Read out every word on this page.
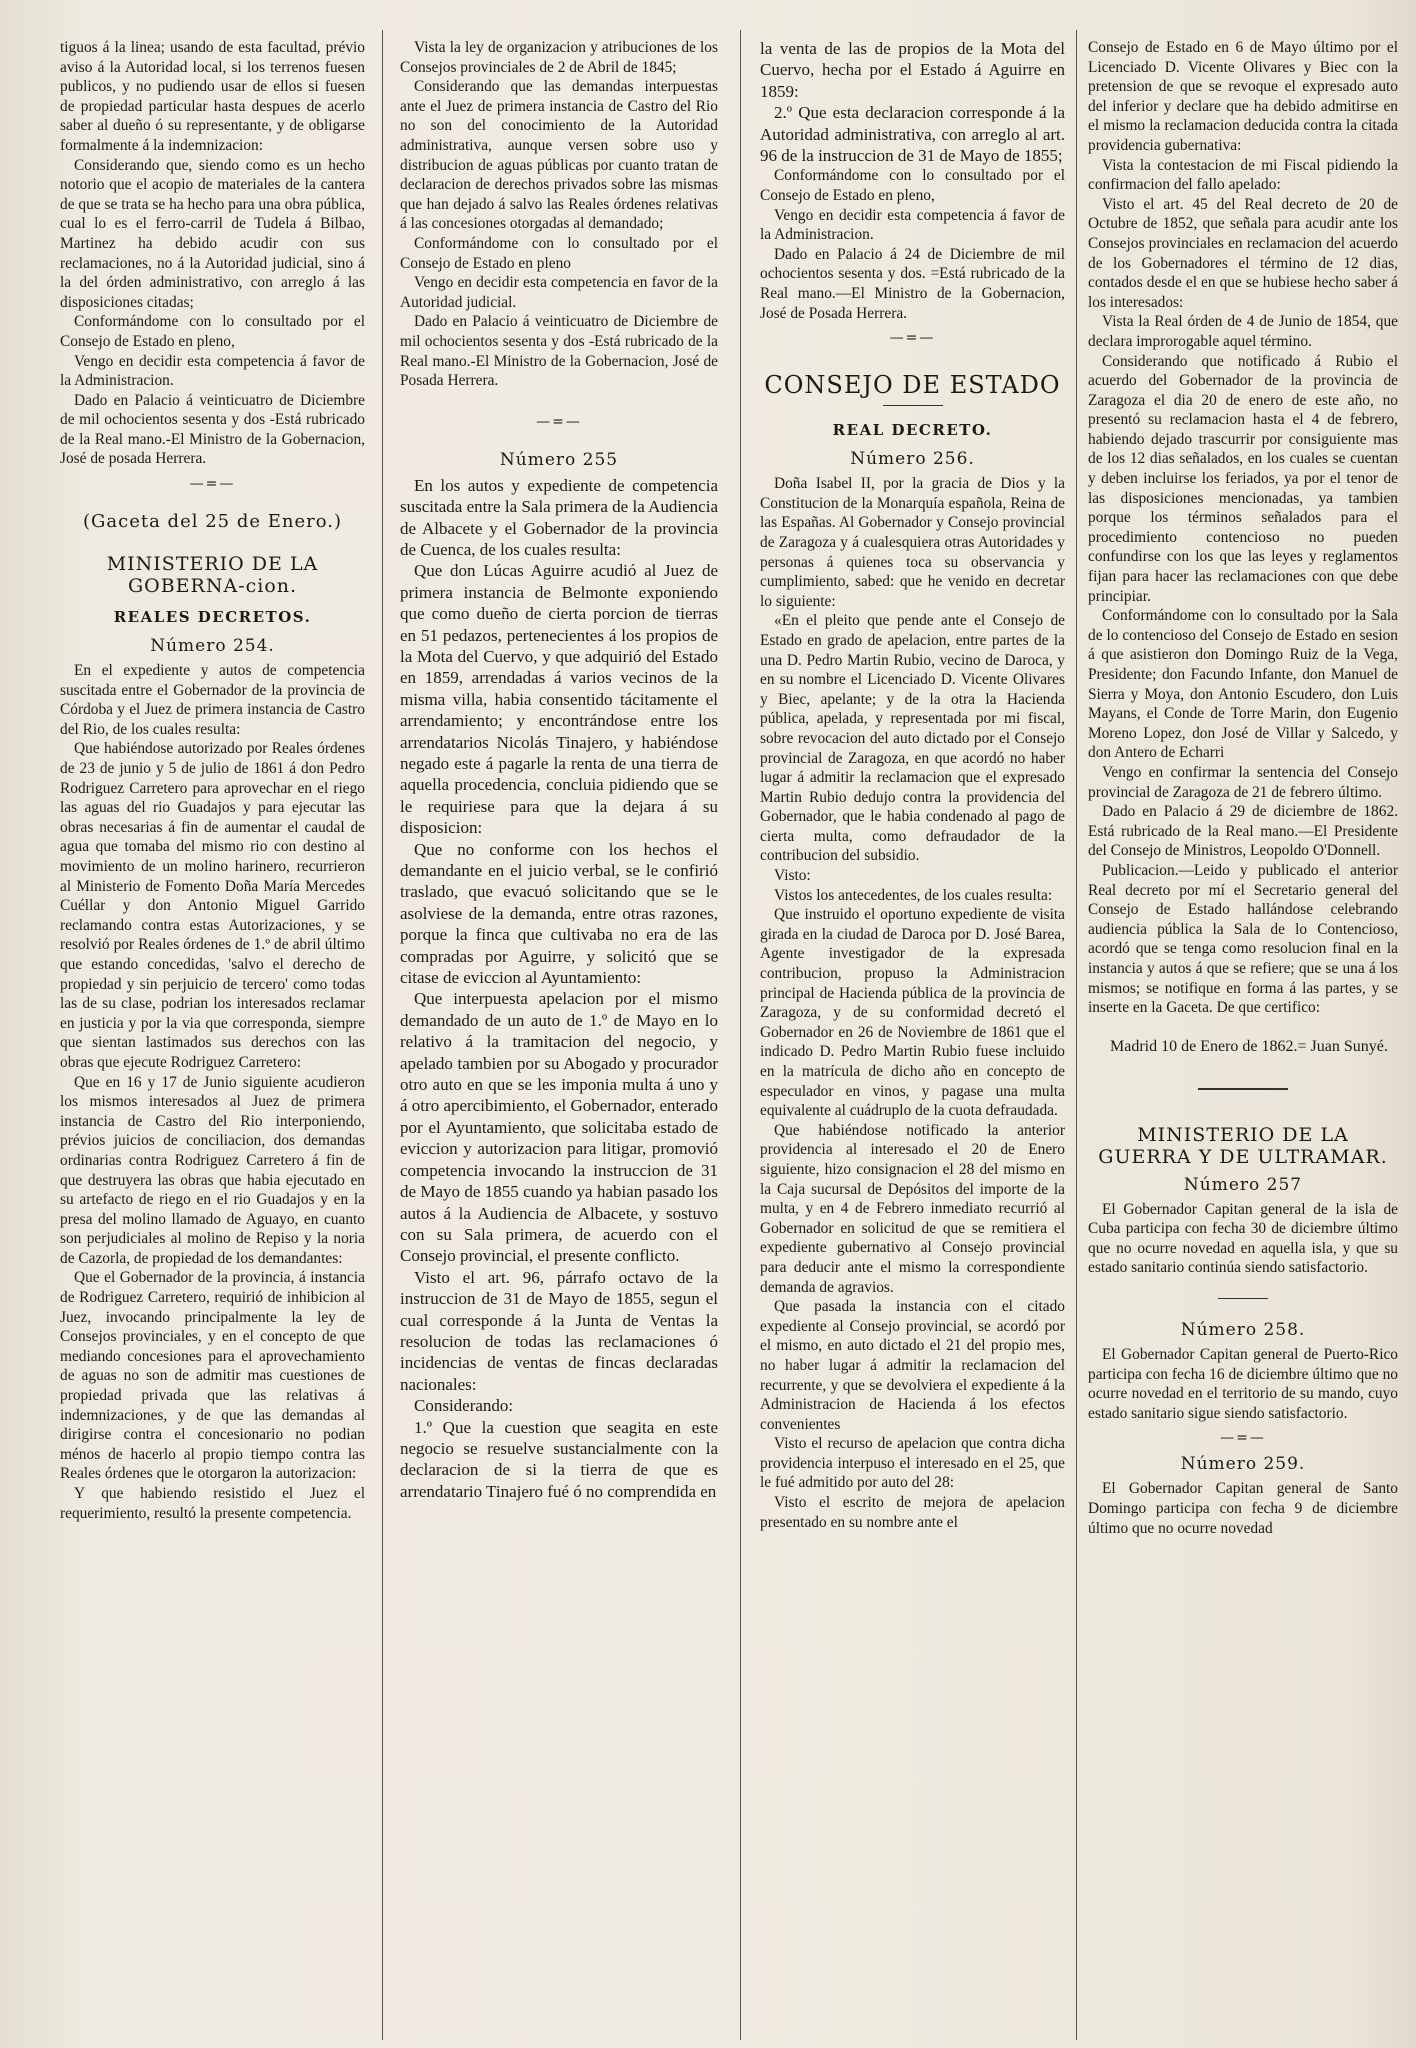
tiguos á la linea; usando de esta facultad, prévio aviso á la Autoridad local, si los terrenos fuesen publicos, y no pudiendo usar de ellos si fuesen de propiedad particular hasta despues de acerlo saber al dueño ó su representante, y de obligarse formalmente á la indemnizacion:

Considerando que, siendo como es un hecho notorio que el acopio de materiales de la cantera de que se trata se ha hecho para una obra pública, cual lo es el ferro-carril de Tudela á Bilbao, Martinez ha debido acudir con sus reclamaciones, no á la Autoridad judicial, sino á la del órden administrativo, con arreglo á las disposiciones citadas;

Conformándome con lo consultado por el Consejo de Estado en pleno,

Vengo en decidir esta competencia á favor de la Administracion.

Dado en Palacio á veinticuatro de Diciembre de mil ochocientos sesenta y dos -Está rubricado de la Real mano.-El Ministro de la Gobernacion, José de posada Herrera.

—=—
(Gaceta del 25 de Enero.)
MINISTERIO DE LA GOBERNA-cion.
REALES DECRETOS.
Número 254.

En el expediente y autos de competencia suscitada entre el Gobernador de la provincia de Córdoba y el Juez de primera instancia de Castro del Rio, de los cuales resulta:

Que habiéndose autorizado por Reales órdenes de 23 de junio y 5 de julio de 1861 á don Pedro Rodriguez Carretero para aprovechar en el riego las aguas del rio Guadajos y para ejecutar las obras necesarias á fin de aumentar el caudal de agua que tomaba del mismo rio con destino al movimiento de un molino harinero, recurrieron al Ministerio de Fomento Doña María Mercedes Cuéllar y don Antonio Miguel Garrido reclamando contra estas Autorizaciones, y se resolvió por Reales órdenes de 1.º de abril último que estando concedidas, 'salvo el derecho de propiedad y sin perjuicio de tercero' como todas las de su clase, podrian los interesados reclamar en justicia y por la via que corresponda, siempre que sientan lastimados sus derechos con las obras que ejecute Rodriguez Carretero:

Que en 16 y 17 de Junio siguiente acudieron los mismos interesados al Juez de primera instancia de Castro del Rio interponiendo, prévios juicios de conciliacion, dos demandas ordinarias contra Rodriguez Carretero á fin de que destruyera las obras que habia ejecutado en su artefacto de riego en el rio Guadajos y en la presa del molino llamado de Aguayo, en cuanto son perjudiciales al molino de Repiso y la noria de Cazorla, de propiedad de los demandantes:

Que el Gobernador de la provincia, á instancia de Rodriguez Carretero, requirió de inhibicion al Juez, invocando principalmente la ley de Consejos provinciales, y en el concepto de que mediando concesiones para el aprovechamiento de aguas no son de admitir mas cuestiones de propiedad privada que las relativas á indemnizaciones, y de que las demandas al dirigirse contra el concesionario no podian ménos de hacerlo al propio tiempo contra las Reales órdenes que le otorgaron la autorizacion:

Y que habiendo resistido el Juez el requerimiento, resultó la presente competencia.

Vista la ley de organizacion y atribuciones de los Consejos provinciales de 2 de Abril de 1845;

Considerando que las demandas interpuestas ante el Juez de primera instancia de Castro del Rio no son del conocimiento de la Autoridad administrativa, aunque versen sobre uso y distribucion de aguas públicas por cuanto tratan de declaracion de derechos privados sobre las mismas que han dejado á salvo las Reales órdenes relativas á las concesiones otorgadas al demandado;

Conformándome con lo consultado por el Consejo de Estado en pleno

Vengo en decidir esta competencia en favor de la Autoridad judicial.

Dado en Palacio á veinticuatro de Diciembre de mil ochocientos sesenta y dos -Está rubricado de la Real mano.-El Ministro de la Gobernacion, José de Posada Herrera.

—=—
Número 255

En los autos y expediente de competencia suscitada entre la Sala primera de la Audiencia de Albacete y el Gobernador de la provincia de Cuenca, de los cuales resulta:

Que don Lúcas Aguirre acudió al Juez de primera instancia de Belmonte exponiendo que como dueño de cierta porcion de tierras en 51 pedazos, pertenecientes á los propios de la Mota del Cuervo, y que adquirió del Estado en 1859, arrendadas á varios vecinos de la misma villa, habia consentido tácitamente el arrendamiento; y encontrándose entre los arrendatarios Nicolás Tinajero, y habiéndose negado este á pagarle la renta de una tierra de aquella procedencia, concluia pidiendo que se le requiriese para que la dejara á su disposicion:

Que no conforme con los hechos el demandante en el juicio verbal, se le confirió traslado, que evacuó solicitando que se le asolviese de la demanda, entre otras razones, porque la finca que cultivaba no era de las compradas por Aguirre, y solicitó que se citase de eviccion al Ayuntamiento:

Que interpuesta apelacion por el mismo demandado de un auto de 1.º de Mayo en lo relativo á la tramitacion del negocio, y apelado tambien por su Abogado y procurador otro auto en que se les imponia multa á uno y á otro apercibimiento, el Gobernador, enterado por el Ayuntamiento, que solicitaba estado de eviccion y autorizacion para litigar, promovió competencia invocando la instruccion de 31 de Mayo de 1855 cuando ya habian pasado los autos á la Audiencia de Albacete, y sostuvo con su Sala primera, de acuerdo con el Consejo provincial, el presente conflicto.

Visto el art. 96, párrafo octavo de la instruccion de 31 de Mayo de 1855, segun el cual corresponde á la Junta de Ventas la resolucion de todas las reclamaciones ó incidencias de ventas de fincas declaradas nacionales:

Considerando:

1.º Que la cuestion que seagita en este negocio se resuelve sustancialmente con la declaracion de si la tierra de que es arrendatario Tinajero fué ó no comprendida en

la venta de las de propios de la Mota del Cuervo, hecha por el Estado á Aguirre en 1859:

2.º Que esta declaracion corresponde á la Autoridad administrativa, con arreglo al art. 96 de la instruccion de 31 de Mayo de 1855;

Conformándome con lo consultado por el Consejo de Estado en pleno,

Vengo en decidir esta competencia á favor de la Administracion.

Dado en Palacio á 24 de Diciembre de mil ochocientos sesenta y dos. =Está rubricado de la Real mano.—El Ministro de la Gobernacion, José de Posada Herrera.

—=—
CONSEJO DE ESTADO
REAL DECRETO.
Número 256.

Doña Isabel II, por la gracia de Dios y la Constitucion de la Monarquía española, Reina de las Españas. Al Gobernador y Consejo provincial de Zaragoza y á cualesquiera otras Autoridades y personas á quienes toca su observancia y cumplimiento, sabed: que he venido en decretar lo siguiente:

«En el pleito que pende ante el Consejo de Estado en grado de apelacion, entre partes de la una D. Pedro Martin Rubio, vecino de Daroca, y en su nombre el Licenciado D. Vicente Olivares y Biec, apelante; y de la otra la Hacienda pública, apelada, y representada por mi fiscal, sobre revocacion del auto dictado por el Consejo provincial de Zaragoza, en que acordó no haber lugar á admitir la reclamacion que el expresado Martin Rubio dedujo contra la providencia del Gobernador, que le habia condenado al pago de cierta multa, como defraudador de la contribucion del subsidio.

Visto:

Vistos los antecedentes, de los cuales resulta:

Que instruido el oportuno expediente de visita girada en la ciudad de Daroca por D. José Barea, Agente investigador de la expresada contribucion, propuso la Administracion principal de Hacienda pública de la provincia de Zaragoza, y de su conformidad decretó el Gobernador en 26 de Noviembre de 1861 que el indicado D. Pedro Martin Rubio fuese incluido en la matrícula de dicho año en concepto de especulador en vinos, y pagase una multa equivalente al cuádruplo de la cuota defraudada.

Que habiéndose notificado la anterior providencia al interesado el 20 de Enero siguiente, hizo consignacion el 28 del mismo en la Caja sucursal de Depósitos del importe de la multa, y en 4 de Febrero inmediato recurrió al Gobernador en solicitud de que se remitiera el expediente gubernativo al Consejo provincial para deducir ante el mismo la correspondiente demanda de agravios.

Que pasada la instancia con el citado expediente al Consejo provincial, se acordó por el mismo, en auto dictado el 21 del propio mes, no haber lugar á admitir la reclamacion del recurrente, y que se devolviera el expediente á la Administracion de Hacienda á los efectos convenientes

Visto el recurso de apelacion que contra dicha providencia interpuso el interesado en el 25, que le fué admitido por auto del 28:

Visto el escrito de mejora de apelacion presentado en su nombre ante el

Consejo de Estado en 6 de Mayo último por el Licenciado D. Vicente Olivares y Biec con la pretension de que se revoque el expresado auto del inferior y declare que ha debido admitirse en el mismo la reclamacion deducida contra la citada providencia gubernativa:

Vista la contestacion de mi Fiscal pidiendo la confirmacion del fallo apelado:

Visto el art. 45 del Real decreto de 20 de Octubre de 1852, que señala para acudir ante los Consejos provinciales en reclamacion del acuerdo de los Gobernadores el término de 12 dias, contados desde el en que se hubiese hecho saber á los interesados:

Vista la Real órden de 4 de Junio de 1854, que declara improrogable aquel término.

Considerando que notificado á Rubio el acuerdo del Gobernador de la provincia de Zaragoza el dia 20 de enero de este año, no presentó su reclamacion hasta el 4 de febrero, habiendo dejado trascurrir por consiguiente mas de los 12 dias señalados, en los cuales se cuentan y deben incluirse los feriados, ya por el tenor de las disposiciones mencionadas, ya tambien porque los términos señalados para el procedimiento contencioso no pueden confundirse con los que las leyes y reglamentos fijan para hacer las reclamaciones con que debe principiar.

Conformándome con lo consultado por la Sala de lo contencioso del Consejo de Estado en sesion á que asistieron don Domingo Ruiz de la Vega, Presidente; don Facundo Infante, don Manuel de Sierra y Moya, don Antonio Escudero, don Luis Mayans, el Conde de Torre Marin, don Eugenio Moreno Lopez, don José de Villar y Salcedo, y don Antero de Echarri

Vengo en confirmar la sentencia del Consejo provincial de Zaragoza de 21 de febrero último.

Dado en Palacio á 29 de diciembre de 1862. Está rubricado de la Real mano.—El Presidente del Consejo de Ministros, Leopoldo O'Donnell.

Publicacion.—Leido y publicado el anterior Real decreto por mí el Secretario general del Consejo de Estado hallándose celebrando audiencia pública la Sala de lo Contencioso, acordó que se tenga como resolucion final en la instancia y autos á que se refiere; que se una á los mismos; se notifique en forma á las partes, y se inserte en la Gaceta. De que certifico:

Madrid 10 de Enero de 1862.= Juan Sunyé.

MINISTERIO DE LA GUERRA Y DE ULTRAMAR.
Número 257

El Gobernador Capitan general de la isla de Cuba participa con fecha 30 de diciembre último que no ocurre novedad en aquella isla, y que su estado sanitario continúa siendo satisfactorio.

Número 258.

El Gobernador Capitan general de Puerto-Rico participa con fecha 16 de diciembre último que no ocurre novedad en el territorio de su mando, cuyo estado sanitario sigue siendo satisfactorio.

—=—
Número 259.

El Gobernador Capitan general de Santo Domingo participa con fecha 9 de diciembre último que no ocurre novedad
